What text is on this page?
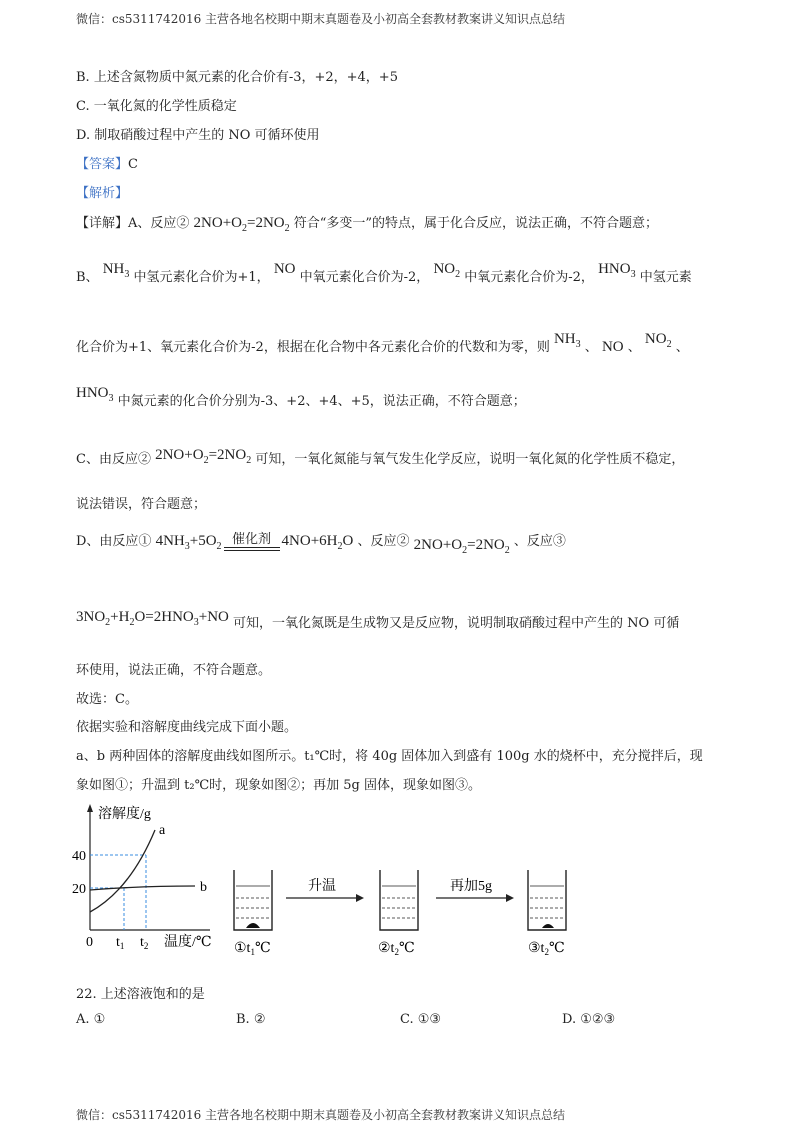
微信：cs5311742016 主营各地名校期中期末真题卷及小初高全套教材教案讲义知识点总结
B. 上述含氮物质中氮元素的化合价有-3，+2，+4，+5
C. 一氧化氮的化学性质稳定
D. 制取硝酸过程中产生的 NO 可循环使用
【答案】C
【解析】
【详解】A、反应② $2NO+O_2=2NO_2$ 符合“多变一”的特点，属于化合反应，说法正确，不符合题意；
B、 $NH_3$ 中氢元素化合价为+1， NO 中氧元素化合价为-2， $NO_2$ 中氧元素化合价为-2， $HNO_3$ 中氢元素
化合价为+1、氧元素化合价为-2，根据在化合物中各元素化合价的代数和为零，则 $NH_3$ 、 NO 、 $NO_2$ 、
$HNO_3$ 中氮元素的化合价分别为-3、+2、+4、+5，说法正确，不符合题意；
C、由反应② $2NO+O_2=2NO_2$ 可知，一氧化氮能与氧气发生化学反应，说明一氧化氮的化学性质不稳定，
说法错误，符合题意；
D、由反应① $4NH_3+5O_2$
催化剂 $4NO+6H_2O$ 、反应② $2NO+O_2=2NO_2$ 、反应③
$3NO_2+H_2O=2HNO_3+NO$ 可知，一氧化氮既是生成物又是反应物，说明制取硝酸过程中产生的 NO 可循
环使用，说法正确，不符合题意。
故选：C。
依据实验和溶解度曲线完成下面小题。
a、b 两种固体的溶解度曲线如图所示。t₁℃时，将 40g 固体加入到盛有 100g 水的烧杯中，充分搅拌后，现
象如图①；升温到 t₂℃时，现象如图②；再加 5g 固体，现象如图③。
溶解度/g
a
b
40
20
0 $t_1$ $t_2$ 温度/℃ $①t_1℃$
升温
$②t_2℃$
再加5g
$③t_2℃$
22. 上述溶液饱和的是
A. ①	B. ②	C. ①③	D. ①②③
微信：cs5311742016 主营各地名校期中期末真题卷及小初高全套教材教案讲义知识点总结
